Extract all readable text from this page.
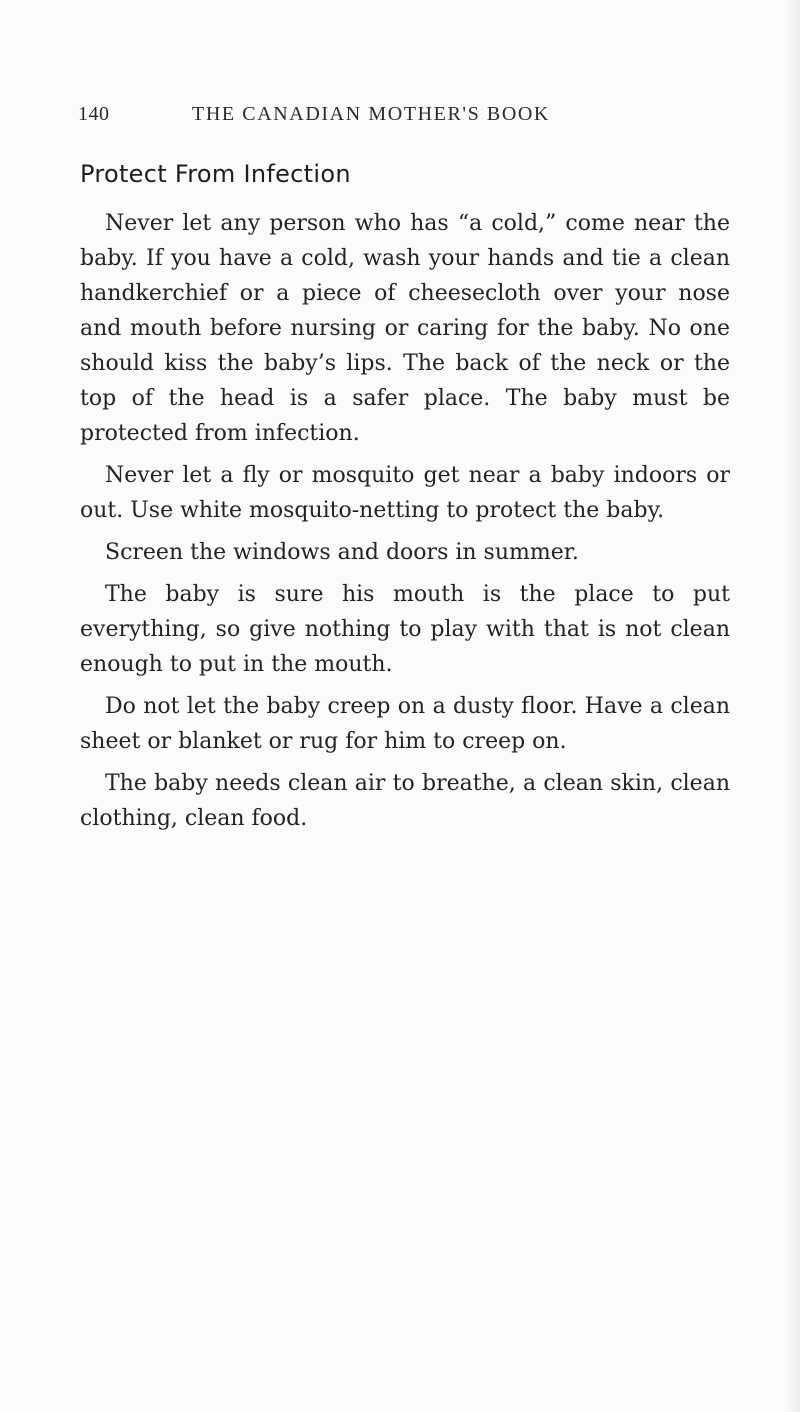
140	THE CANADIAN MOTHER'S BOOK
Protect From Infection

Never let any person who has “a cold,” come near the baby. If you have a cold, wash your hands and tie a clean handkerchief or a piece of cheesecloth over your nose and mouth before nursing or caring for the baby. No one should kiss the baby’s lips. The back of the neck or the top of the head is a safer place. The baby must be protected from infection.

Never let a fly or mosquito get near a baby indoors or out. Use white mosquito-netting to protect the baby.

Screen the windows and doors in summer.

The baby is sure his mouth is the place to put everything, so give nothing to play with that is not clean enough to put in the mouth.

Do not let the baby creep on a dusty floor. Have a clean sheet or blanket or rug for him to creep on.

The baby needs clean air to breathe, a clean skin, clean clothing, clean food.
